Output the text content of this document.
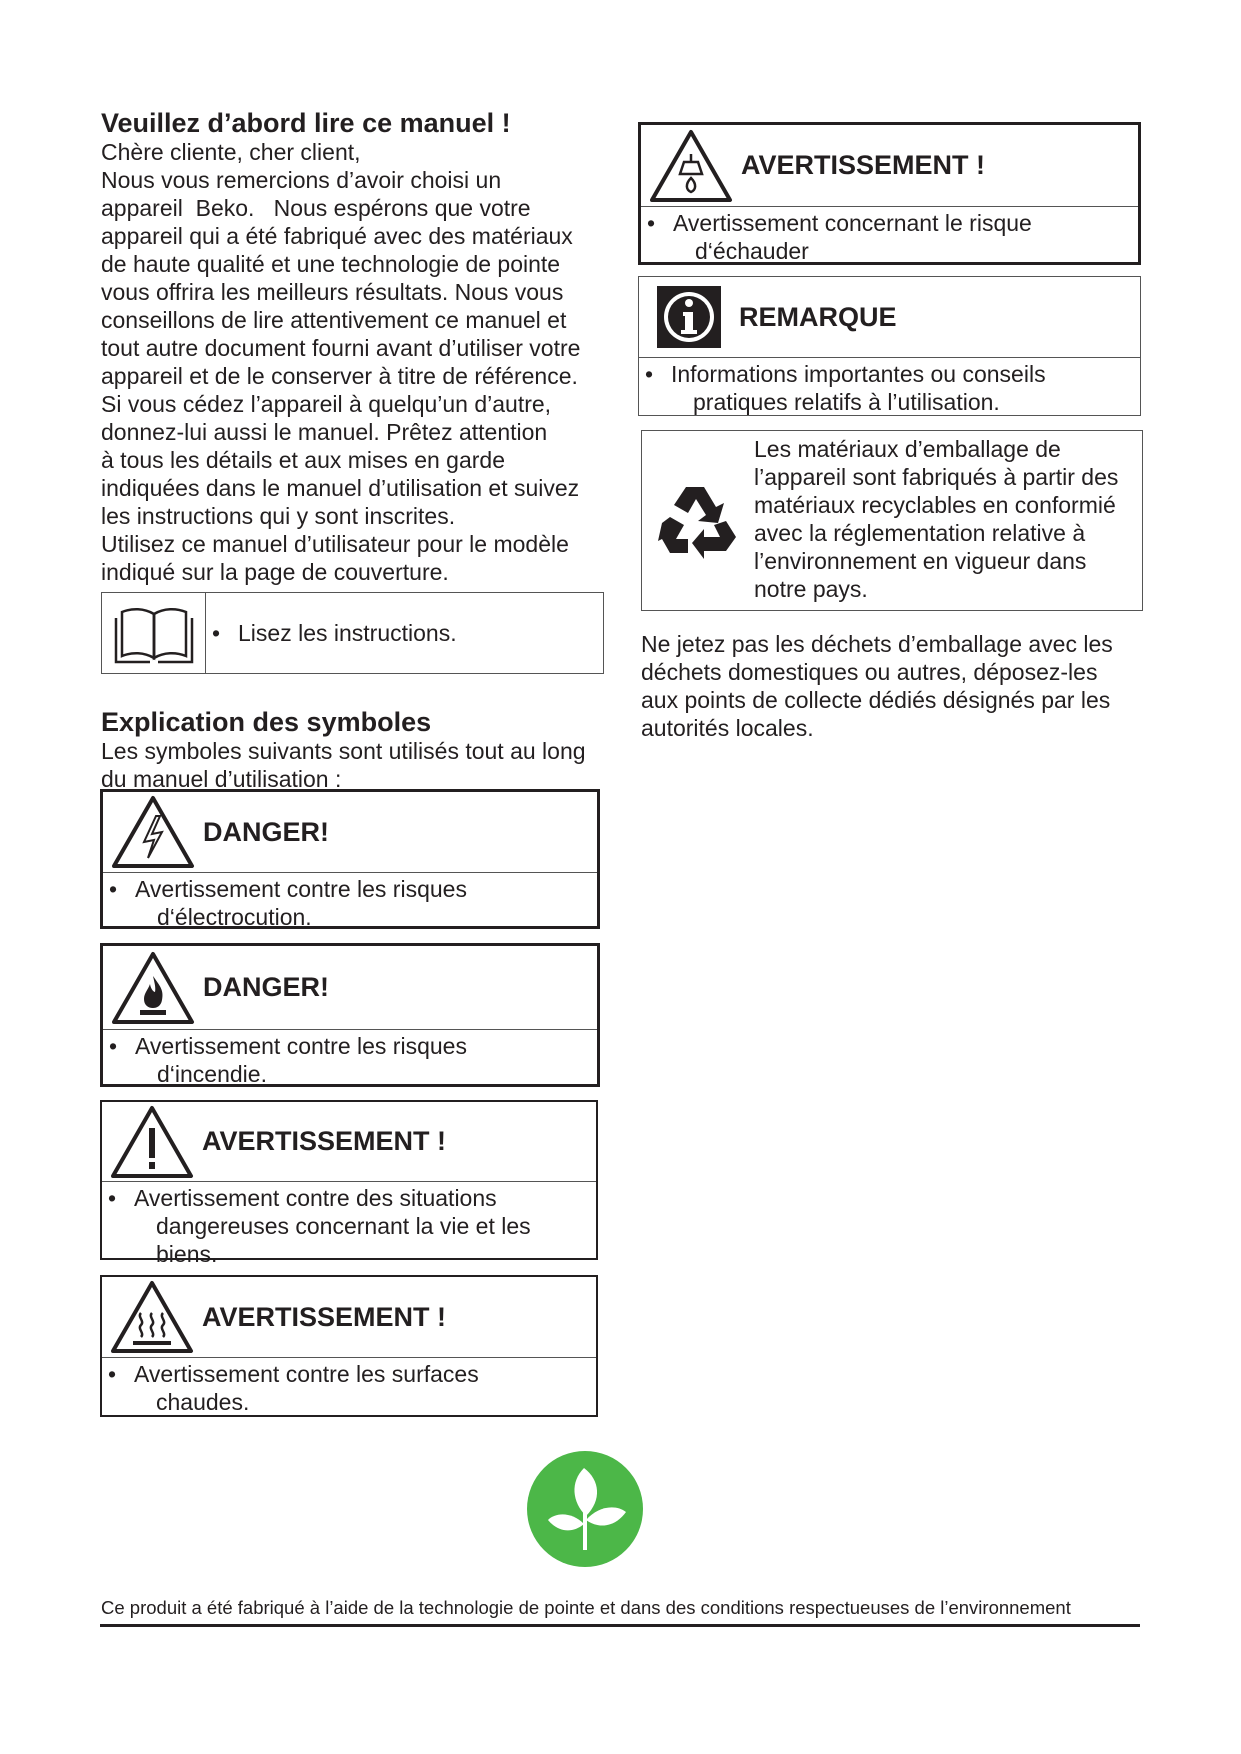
Veuillez d’abord lire ce manuel !

Chère cliente, cher client,
Nous vous remercions d’avoir choisi un
appareil  Beko.   Nous espérons que votre
appareil qui a été fabriqué avec des matériaux
de haute qualité et une technologie de pointe
vous offrira les meilleurs résultats. Nous vous
conseillons de lire attentivement ce manuel et
tout autre document fourni avant d’utiliser votre
appareil et de le conserver à titre de référence.
Si vous cédez l’appareil à quelqu’un d’autre,
donnez-lui aussi le manuel. Prêtez attention
à tous les détails et aux mises en garde
indiquées dans le manuel d’utilisation et suivez
les instructions qui y sont inscrites.
Utilisez ce manuel d’utilisateur pour le modèle
indiqué sur la page de couverture.

• Lisez les instructions.
Explication des symboles

Les symboles suivants sont utilisés tout au long
du manuel d’utilisation :

DANGER!
• Avertissement contre les risques
d‘électrocution.
DANGER!
• Avertissement contre les risques
d‘incendie.
AVERTISSEMENT !
• Avertissement contre des situations
dangereuses concernant la vie et les
biens.
AVERTISSEMENT !
• Avertissement contre les surfaces
chaudes.
AVERTISSEMENT !
• Avertissement concernant le risque
d‘échauder
REMARQUE
• Informations importantes ou conseils
pratiques relatifs à l’utilisation.
Les matériaux d’emballage de
l’appareil sont fabriqués à partir des
matériaux recyclables en conformié
avec la réglementation relative à
l’environnement en vigueur dans
notre pays.
Ne jetez pas les déchets d’emballage avec les
déchets domestiques ou autres, déposez-les
aux points de collecte dédiés désignés par les
autorités locales.
Ce produit a été fabriqué à l’aide de la technologie de pointe et dans des conditions respectueuses de l’environnement
